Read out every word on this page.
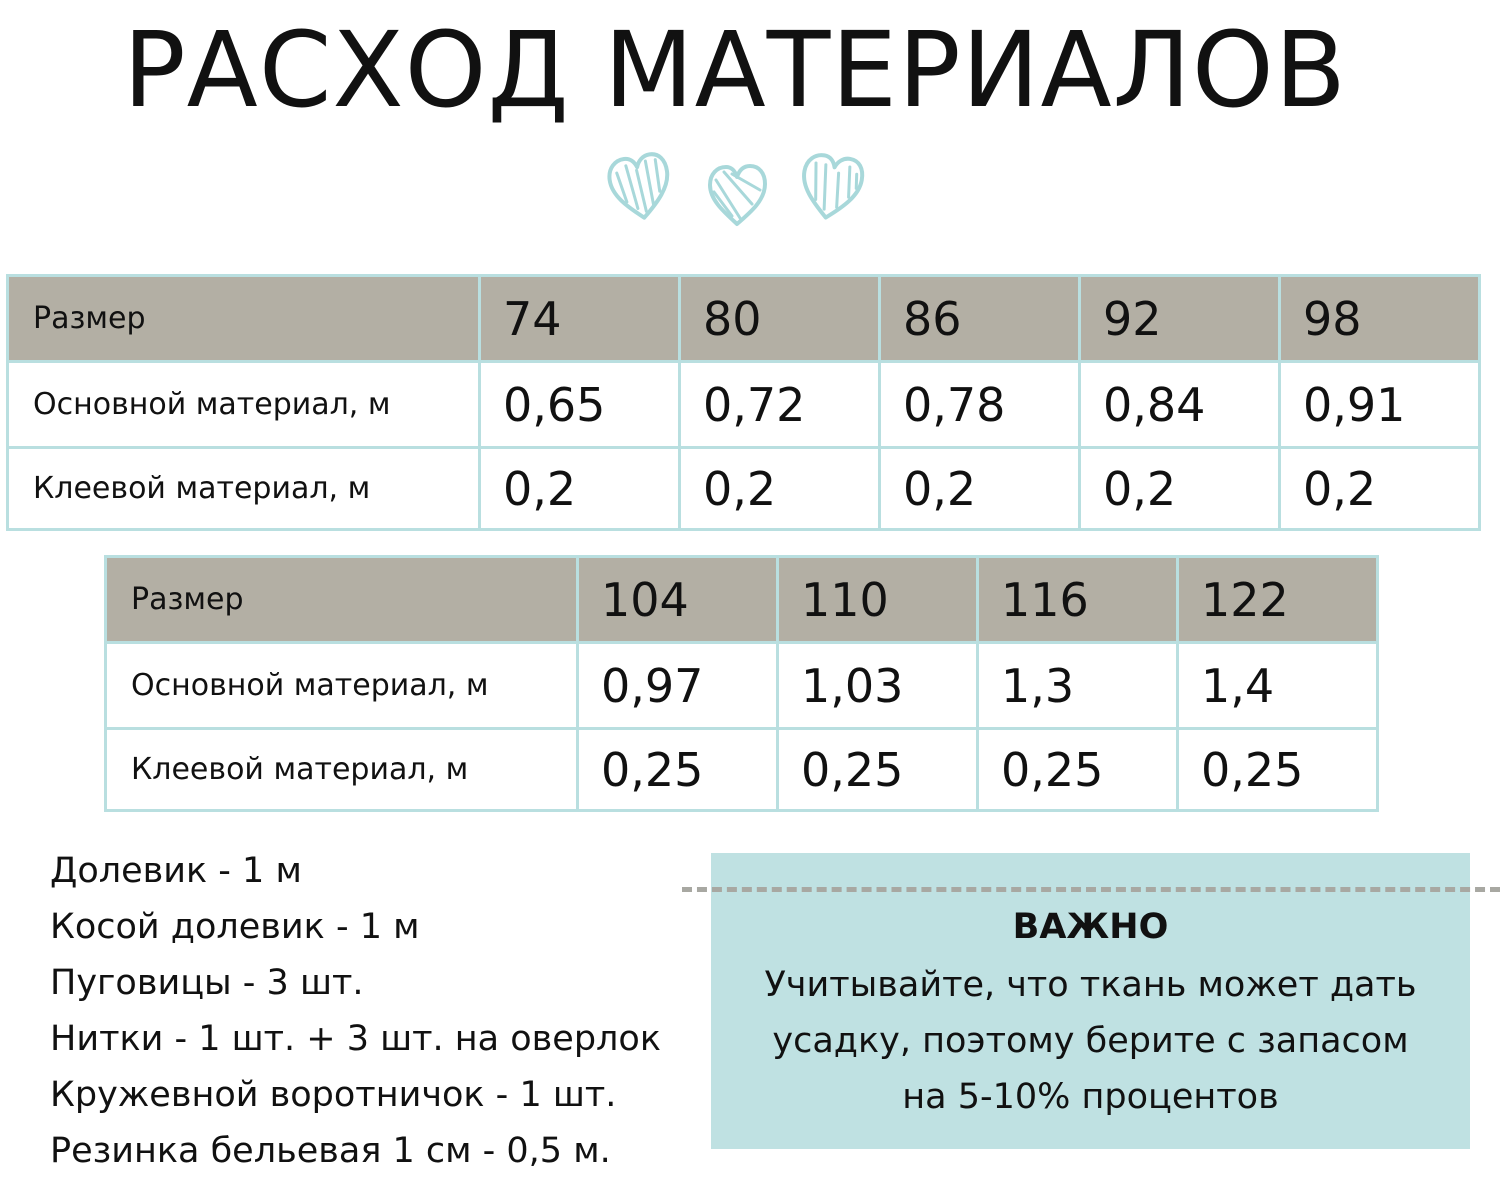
РАСХОД МАТЕРИАЛОВ
Размер	74	80	86	92	98
Основной материал, м	0,65	0,72	0,78	0,84	0,91
Клеевой материал, м	0,2	0,2	0,2	0,2	0,2
Размер	104	110	116	122
Основной материал, м	0,97	1,03	1,3	1,4
Клеевой материал, м	0,25	0,25	0,25	0,25
Долевик - 1 м
Косой долевик - 1 м
Пуговицы - 3 шт.
Нитки - 1 шт. + 3 шт. на оверлок
Кружевной воротничок - 1 шт.
Резинка бельевая 1 см - 0,5 м.
ВАЖНО
Учитывайте, что ткань может дать
усадку, поэтому берите с запасом
на 5-10% процентов
